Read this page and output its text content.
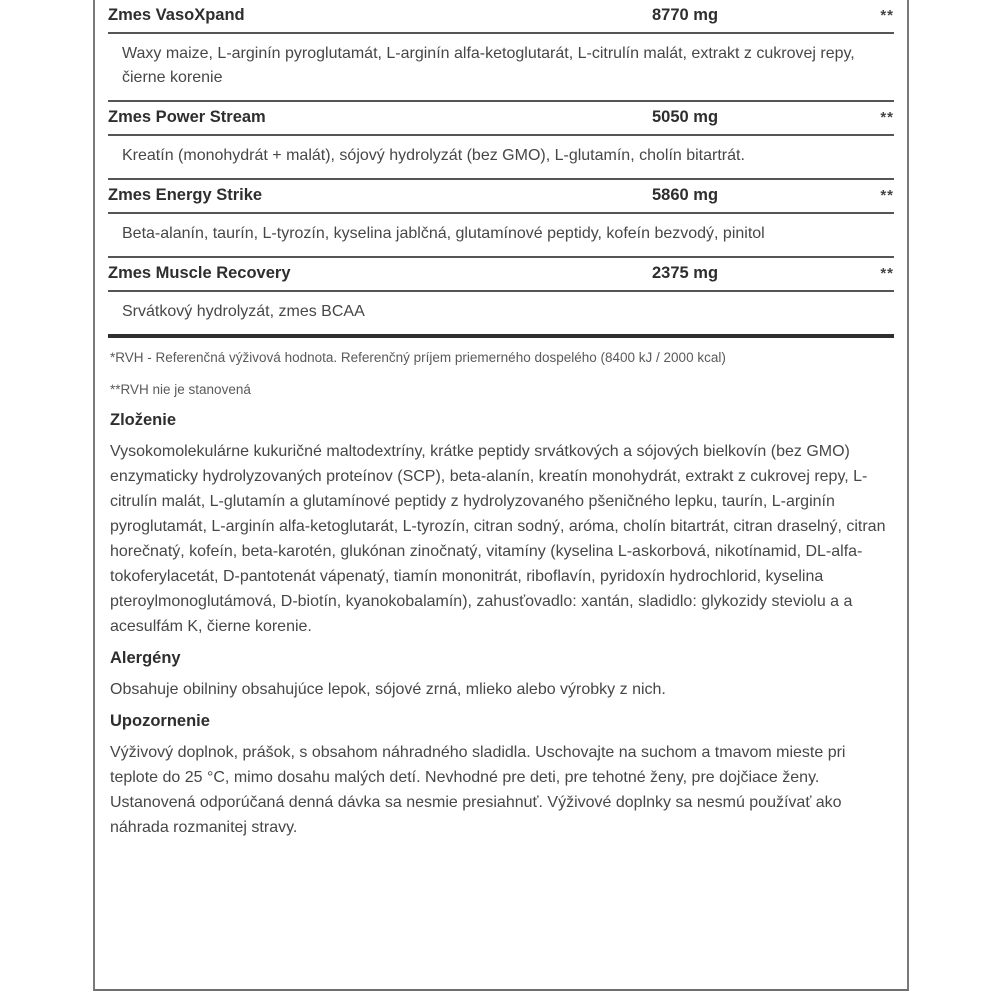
Zmes VasoXpand	8770 mg	**
Waxy maize, L-arginín pyroglutamát, L-arginín alfa-ketoglutarát, L-citrulín malát, extrakt z cukrovej repy, čierne korenie
Zmes Power Stream	5050 mg	**
Kreatín (monohydrát + malát), sójový hydrolyzát (bez GMO), L-glutamín, cholín bitartrát.
Zmes Energy Strike	5860 mg	**
Beta-alanín, taurín, L-tyrozín, kyselina jablčná, glutamínové peptidy, kofeín bezvodý, pinitol
Zmes Muscle Recovery	2375 mg	**
Srvátkový hydrolyzát, zmes BCAA

*RVH - Referenčná výživová hodnota. Referenčný príjem priemerného dospelého (8400 kJ / 2000 kcal)

**RVH nie je stanovená

Zloženie

Vysokomolekulárne kukuričné maltodextríny, krátke peptidy srvátkových a sójových bielkovín (bez GMO) enzymaticky hydrolyzovaných proteínov (SCP), beta-alanín, kreatín monohydrát, extrakt z cukrovej repy, L-citrulín malát, L-glutamín a glutamínové peptidy z hydrolyzovaného pšeničného lepku, taurín, L-arginín pyroglutamát, L-arginín alfa-ketoglutarát, L-tyrozín, citran sodný, aróma, cholín bitartrát, citran draselný, citran horečnatý, kofeín, beta-karotén, glukónan zinočnatý, vitamíny (kyselina L-askorbová, nikotínamid, DL-alfa-tokoferylacetát, D-pantotenát vápenatý, tiamín mononitrát, riboflavín, pyridoxín hydrochlorid, kyselina pteroylmonoglutámová, D-biotín, kyanokobalamín), zahusťovadlo: xantán, sladidlo: glykozidy steviolu a a acesulfám K, čierne korenie.

Alergény

Obsahuje obilniny obsahujúce lepok, sójové zrná, mlieko alebo výrobky z nich.

Upozornenie

Výživový doplnok, prášok, s obsahom náhradného sladidla. Uschovajte na suchom a tmavom mieste pri teplote do 25 °C, mimo dosahu malých detí. Nevhodné pre deti, pre tehotné ženy, pre dojčiace ženy. Ustanovená odporúčaná denná dávka sa nesmie presiahnuť. Výživové doplnky sa nesmú používať ako náhrada rozmanitej stravy.
